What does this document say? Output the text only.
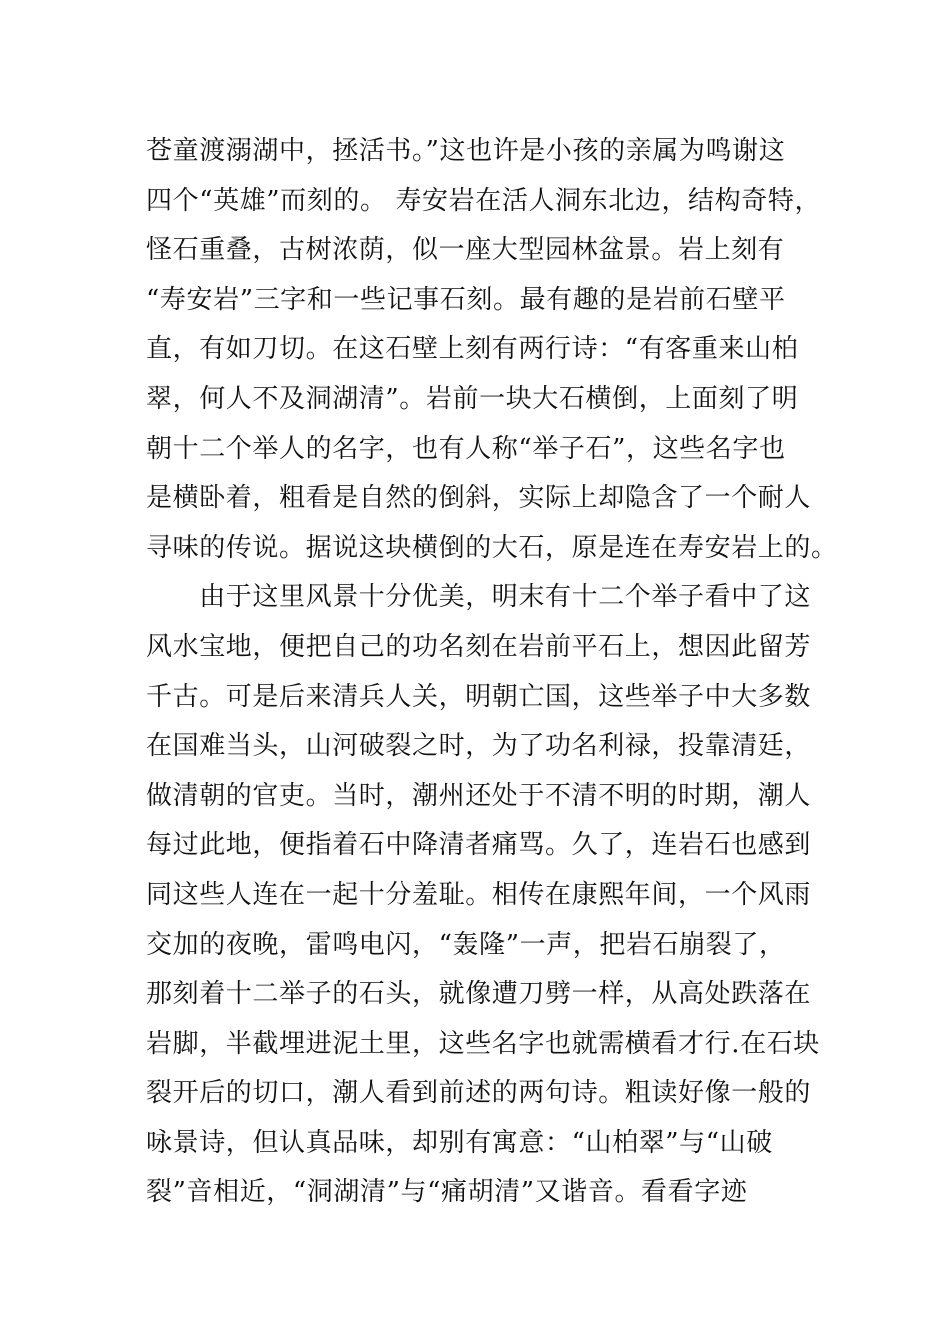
苍童渡溺湖中，拯活书。”这也许是小孩的亲属为鸣谢这
四个“英雄”而刻的。 寿安岩在活人洞东北边，结构奇特，
怪石重叠，古树浓荫，似一座大型园林盆景。岩上刻有
“寿安岩”三字和一些记事石刻。最有趣的是岩前石壁平
直，有如刀切。在这石壁上刻有两行诗：“有客重来山柏
翠，何人不及洞湖清”。岩前一块大石横倒，上面刻了明
朝十二个举人的名字，也有人称“举子石”，这些名字也
是横卧着，粗看是自然的倒斜，实际上却隐含了一个耐人
寻味的传说。据说这块横倒的大石，原是连在寿安岩上的。
　　由于这里风景十分优美，明末有十二个举子看中了这
风水宝地，便把自己的功名刻在岩前平石上，想因此留芳
千古。可是后来清兵人关，明朝亡国，这些举子中大多数
在国难当头，山河破裂之时，为了功名利禄，投靠清廷，
做清朝的官吏。当时，潮州还处于不清不明的时期，潮人
每过此地，便指着石中降清者痛骂。久了，连岩石也感到
同这些人连在一起十分羞耻。相传在康熙年间，一个风雨
交加的夜晚，雷鸣电闪，“轰隆”一声，把岩石崩裂了，
那刻着十二举子的石头，就像遭刀劈一样，从高处跌落在
岩脚，半截埋进泥土里，这些名字也就需横看才行.在石块
裂开后的切口，潮人看到前述的两句诗。粗读好像一般的
咏景诗，但认真品味，却别有寓意：“山柏翠”与“山破
裂”音相近，“洞湖清”与“痛胡清”又谐音。看看字迹
